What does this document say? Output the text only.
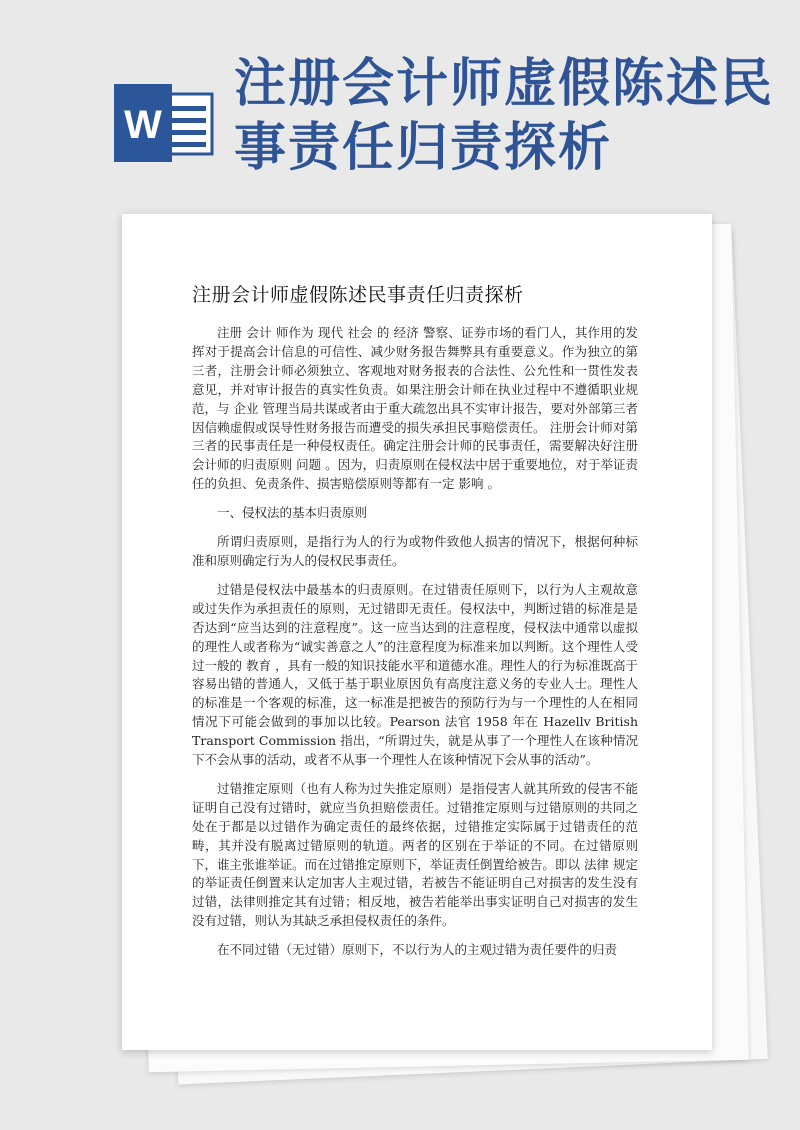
W
注册会计师虚假陈述民事责任归责探析
注册会计师虚假陈述民事责任归责探析

注册 会计 师作为 现代 社会 的 经济 警察、证券市场的看门人，其作用的发挥对于提高会计信息的可信性、减少财务报告舞弊具有重要意义。作为独立的第三者，注册会计师必须独立、客观地对财务报表的合法性、公允性和一贯性发表意见，并对审计报告的真实性负责。如果注册会计师在执业过程中不遵循职业规范，与 企业 管理当局共谋或者由于重大疏忽出具不实审计报告，要对外部第三者因信赖虚假或误导性财务报告而遭受的损失承担民事赔偿责任。 注册会计师对第三者的民事责任是一种侵权责任。确定注册会计师的民事责任，需要解决好注册会计师的归责原则 问题 。因为，归责原则在侵权法中居于重要地位，对于举证责任的负担、免责条件、损害赔偿原则等都有一定 影响 。

一、侵权法的基本归责原则

所谓归责原则，是指行为人的行为或物件致他人损害的情况下，根据何种标准和原则确定行为人的侵权民事责任。

过错是侵权法中最基本的归责原则。在过错责任原则下，以行为人主观故意或过失作为承担责任的原则，无过错即无责任。侵权法中，判断过错的标准是是否达到“应当达到的注意程度”。这一应当达到的注意程度，侵权法中通常以虚拟的理性人或者称为“诚实善意之人”的注意程度为标准来加以判断。这个理性人受过一般的 教育 ，具有一般的知识技能水平和道德水准。理性人的行为标准既高于容易出错的普通人，又低于基于职业原因负有高度注意义务的专业人士。理性人的标准是一个客观的标准，这一标准是把被告的预防行为与一个理性的人在相同情况下可能会做到的事加以比较。Pearson 法官 1958 年在 Hazellv British Transport Commission 指出，“所谓过失，就是从事了一个理性人在该种情况下不会从事的活动，或者不从事一个理性人在该种情况下会从事的活动”。

过错推定原则（也有人称为过失推定原则）是指侵害人就其所致的侵害不能证明自己没有过错时，就应当负担赔偿责任。过错推定原则与过错原则的共同之处在于都是以过错作为确定责任的最终依据，过错推定实际属于过错责任的范畴，其并没有脱离过错原则的轨道。两者的区别在于举证的不同。在过错原则下，谁主张谁举证。而在过错推定原则下，举证责任倒置给被告。即以 法律 规定的举证责任倒置来认定加害人主观过错，若被告不能证明自己对损害的发生没有过错，法律则推定其有过错；相反地，被告若能举出事实证明自己对损害的发生没有过错，则认为其缺乏承担侵权责任的条件。

在不同过错（无过错）原则下，不以行为人的主观过错为责任要件的归责
